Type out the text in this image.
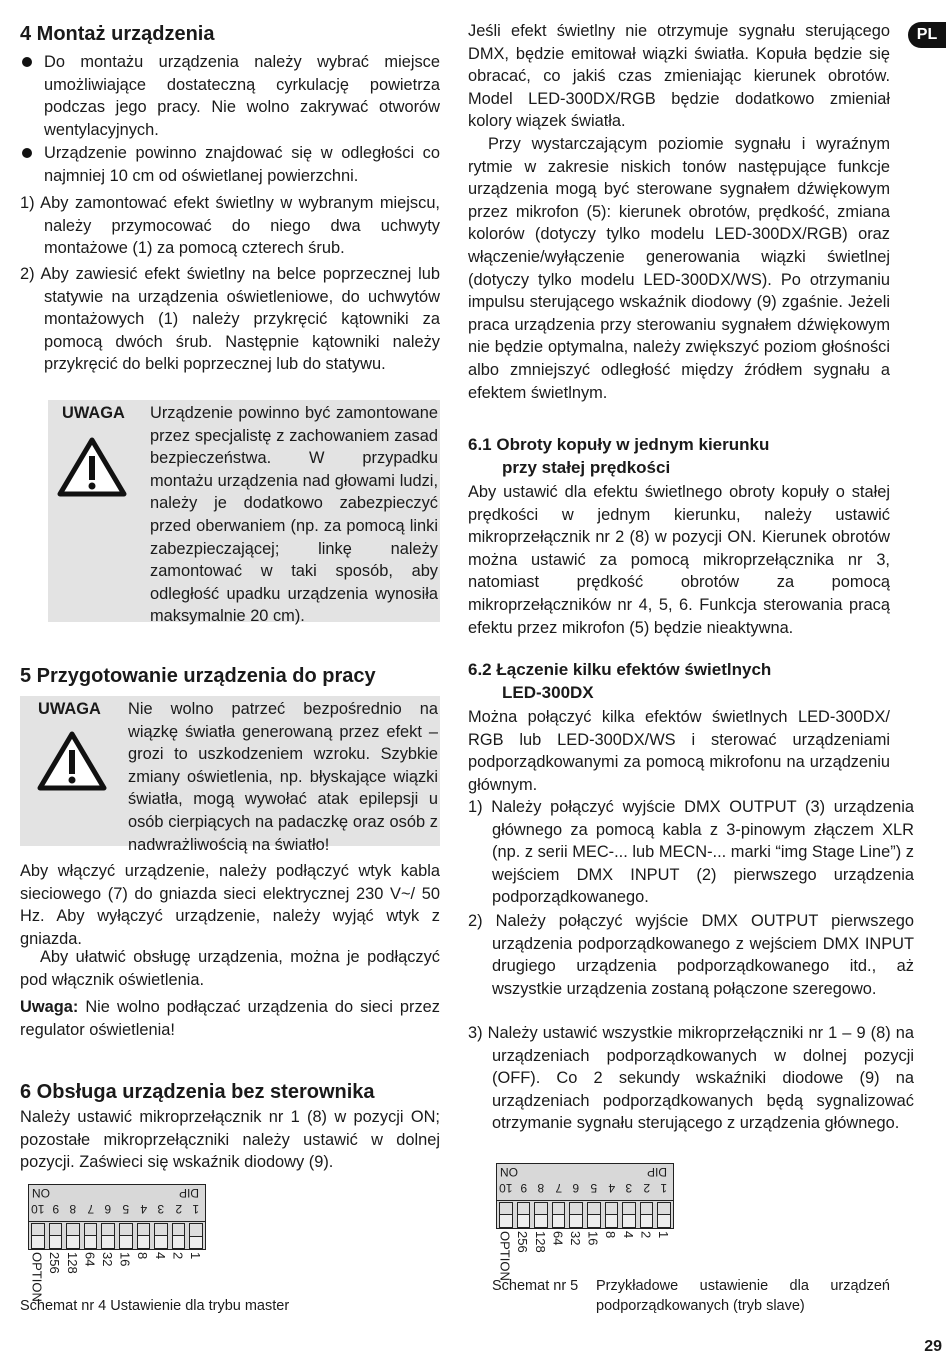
PL
4 Montaż urządzenia

Do montażu urządzenia należy wybrać miejsce umożliwiające dostateczną cyrkulację powietrza podczas jego pracy. Nie wolno zakrywać otworów wentylacyjnych.

Urządzenie powinno znajdować się w odległości co najmniej 10 cm od oświetlanej powierzchni.

1) Aby zamontować efekt świetlny w wybranym miejscu, należy przymocować do niego dwa uchwyty montażowe (1) za pomocą czterech śrub.

2) Aby zawiesić efekt świetlny na belce poprzecznej lub statywie na urządzenia oświetleniowe, do uchwytów montażowych (1) należy przykręcić kątowniki za pomocą dwóch śrub. Następnie kątowniki należy przykręcić do belki poprzecznej lub do statywu.

UWAGA Urządzenie powinno być zamontowane przez specjalistę z zachowaniem zasad bezpieczeństwa. W przypadku montażu urządzenia nad głowami ludzi, należy je dodatkowo zabezpieczyć przed oberwaniem (np. za pomocą linki zabezpieczającej; linkę należy zamontować w taki sposób, aby odległość upadku urządzenia wynosiła maksymalnie 20 cm).
5 Przygotowanie urządzenia do pracy
UWAGA Nie wolno patrzeć bezpośrednio na wiązkę światła generowaną przez efekt – grozi to uszkodzeniem wzroku. Szybkie zmiany oświetlenia, np. błyskające wiązki światła, mogą wywołać atak epilepsji u osób cierpiących na padaczkę oraz osób z nadwrażliwością na światło!

Aby włączyć urządzenie, należy podłączyć wtyk kabla sieciowego (7) do gniazda sieci elektrycznej 230 V~/ 50 Hz. Aby wyłączyć urządzenie, należy wyjąć wtyk z gniazda.

Aby ułatwić obsługę urządzenia, można je podłączyć pod włącznik oświetlenia.

Uwaga: Nie wolno podłączać urządzenia do sieci przez regulator oświetlenia!

6 Obsługa urządzenia bez sterownika

Należy ustawić mikroprzełącznik nr 1 (8) w pozycji ON; pozostałe mikroprzełączniki należy ustawić w dolnej pozycji. Zaświeci się wskaźnik diodowy (9).

ON	DIP
10 9 8 7 6 5 4 3 2 1
OPTION 256 128 64 32 16 8 4 2 1
Schemat nr 4 Ustawienie dla trybu master

Jeśli efekt świetlny nie otrzymuje sygnału sterującego DMX, będzie emitował wiązki światła. Kopuła będzie się obracać, co jakiś czas zmieniając kierunek obrotów. Model LED-300DX/RGB będzie dodatkowo zmieniał kolory wiązek światła.

Przy wystarczającym poziomie sygnału i wyraźnym rytmie w zakresie niskich tonów następujące funkcje urządzenia mogą być sterowane sygnałem dźwiękowym przez mikrofon (5): kierunek obrotów, prędkość, zmiana kolorów (dotyczy tylko modelu LED-300DX/RGB) oraz włączenie/wyłączenie generowania wiązki świetlnej (dotyczy tylko modelu LED-300DX/WS). Po otrzymaniu impulsu sterującego wskaźnik diodowy (9) zgaśnie. Jeżeli praca urządzenia przy sterowaniu sygnałem dźwiękowym nie będzie optymalna, należy zwiększyć poziom głośności albo zmniejszyć odległość między źródłem sygnału a efektem świetlnym.

6.1 Obroty kopuły w jednym kierunku
przy stałej prędkości

Aby ustawić dla efektu świetlnego obroty kopuły o stałej prędkości w jednym kierunku, należy ustawić mikroprzełącznik nr 2 (8) w pozycji ON. Kierunek obrotów można ustawić za pomocą mikroprzełącznika nr 3, natomiast prędkość obrotów za pomocą mikroprzełączników nr 4, 5, 6. Funkcja sterowania pracą efektu przez mikrofon (5) będzie nieaktywna.

6.2 Łączenie kilku efektów świetlnych
LED-300DX

Można połączyć kilka efektów świetlnych LED-300DX/ RGB lub LED-300DX/WS i sterować urządzeniami podporządkowanymi za pomocą mikrofonu na urządzeniu głównym.

1) Należy połączyć wyjście DMX OUTPUT (3) urządzenia głównego za pomocą kabla z 3-pinowym złączem XLR (np. z serii MEC-... lub MECN-... marki “img Stage Line”) z wejściem DMX INPUT (2) pierwszego urządzenia podporządkowanego.

2) Należy połączyć wyjście DMX OUTPUT pierwszego urządzenia podporządkowanego z wejściem DMX INPUT drugiego urządzenia podporządkowanego itd., aż wszystkie urządzenia zostaną połączone szeregowo.

3) Należy ustawić wszystkie mikroprzełączniki nr 1 – 9 (8) na urządzeniach podporządkowanych w dolnej pozycji (OFF). Co 2 sekundy wskaźniki diodowe (9) na urządzeniach podporządkowanych będą sygnalizować otrzymanie sygnału sterującego z urządzenia głównego.

ON	DIP
10 9 8 7 6 5 4 3 2 1
OPTION 256 128 64 32 16 8 4 2 1
Schemat nr 5 Przykładowe ustawienie dla urządzeń podporządkowanych (tryb slave)
29
